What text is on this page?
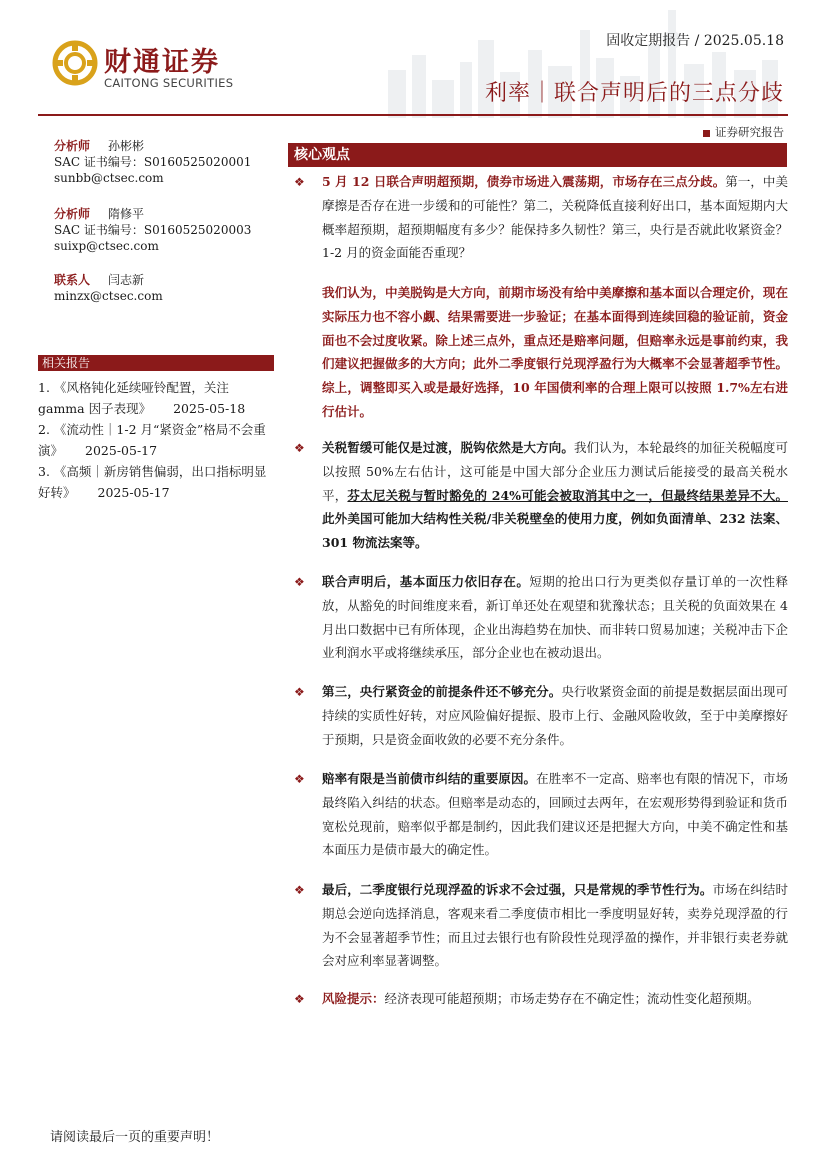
固收定期报告 / 2025.05.18
财通证券
CAITONG SECURITIES	利率｜联合声明后的三点分歧
证券研究报告
分析师 孙彬彬
SAC 证书编号：S0160525020001
sunbb@ctsec.com
分析师 隋修平
SAC 证书编号：S0160525020003
suixp@ctsec.com
联系人 闫志新
minzx@ctsec.com
相关报告
1. 《风格钝化延续哑铃配置，关注gamma 因子表现》 2025-05-18
2. 《流动性｜1-2 月“紧资金”格局不会重演》 2025-05-17
3. 《高频｜新房销售偏弱，出口指标明显好转》 2025-05-17
核心观点
❖ 5 月 12 日联合声明超预期，债券市场进入震荡期，市场存在三点分歧。第一，中美摩擦是否存在进一步缓和的可能性？第二，关税降低直接利好出口，基本面短期内大概率超预期，超预期幅度有多少？能保持多久韧性？第三，央行是否就此收紧资金？1-2 月的资金面能否重现？
我们认为，中美脱钩是大方向，前期市场没有给中美摩擦和基本面以合理定价，现在实际压力也不容小觑、结果需要进一步验证；在基本面得到连续回稳的验证前，资金面也不会过度收紧。除上述三点外，重点还是赔率问题，但赔率永远是事前约束，我们建议把握做多的大方向；此外二季度银行兑现浮盈行为大概率不会显著超季节性。综上，调整即买入或是最好选择，10 年国债利率的合理上限可以按照 1.7%左右进行估计。
❖ 关税暂缓可能仅是过渡，脱钩依然是大方向。我们认为，本轮最终的加征关税幅度可以按照 50%左右估计，这可能是中国大部分企业压力测试后能接受的最高关税水平，芬太尼关税与暂时豁免的 24%可能会被取消其中之一，但最终结果差异不大。此外美国可能加大结构性关税/非关税壁垒的使用力度，例如负面清单、232 法案、301 物流法案等。
❖ 联合声明后，基本面压力依旧存在。短期的抢出口行为更类似存量订单的一次性释放，从豁免的时间维度来看，新订单还处在观望和犹豫状态；且关税的负面效果在 4 月出口数据中已有所体现，企业出海趋势在加快、而非转口贸易加速；关税冲击下企业利润水平或将继续承压，部分企业也在被动退出。
❖ 第三，央行紧资金的前提条件还不够充分。央行收紧资金面的前提是数据层面出现可持续的实质性好转，对应风险偏好提振、股市上行、金融风险收敛，至于中美摩擦好于预期，只是资金面收敛的必要不充分条件。
❖ 赔率有限是当前债市纠结的重要原因。在胜率不一定高、赔率也有限的情况下，市场最终陷入纠结的状态。但赔率是动态的，回顾过去两年，在宏观形势得到验证和货币宽松兑现前，赔率似乎都是制约，因此我们建议还是把握大方向，中美不确定性和基本面压力是债市最大的确定性。
❖ 最后，二季度银行兑现浮盈的诉求不会过强，只是常规的季节性行为。市场在纠结时期总会逆向选择消息，客观来看二季度债市相比一季度明显好转，卖券兑现浮盈的行为不会显著超季节性；而且过去银行也有阶段性兑现浮盈的操作，并非银行卖老券就会对应利率显著调整。
❖ 风险提示：经济表现可能超预期；市场走势存在不确定性；流动性变化超预期。
请阅读最后一页的重要声明！
